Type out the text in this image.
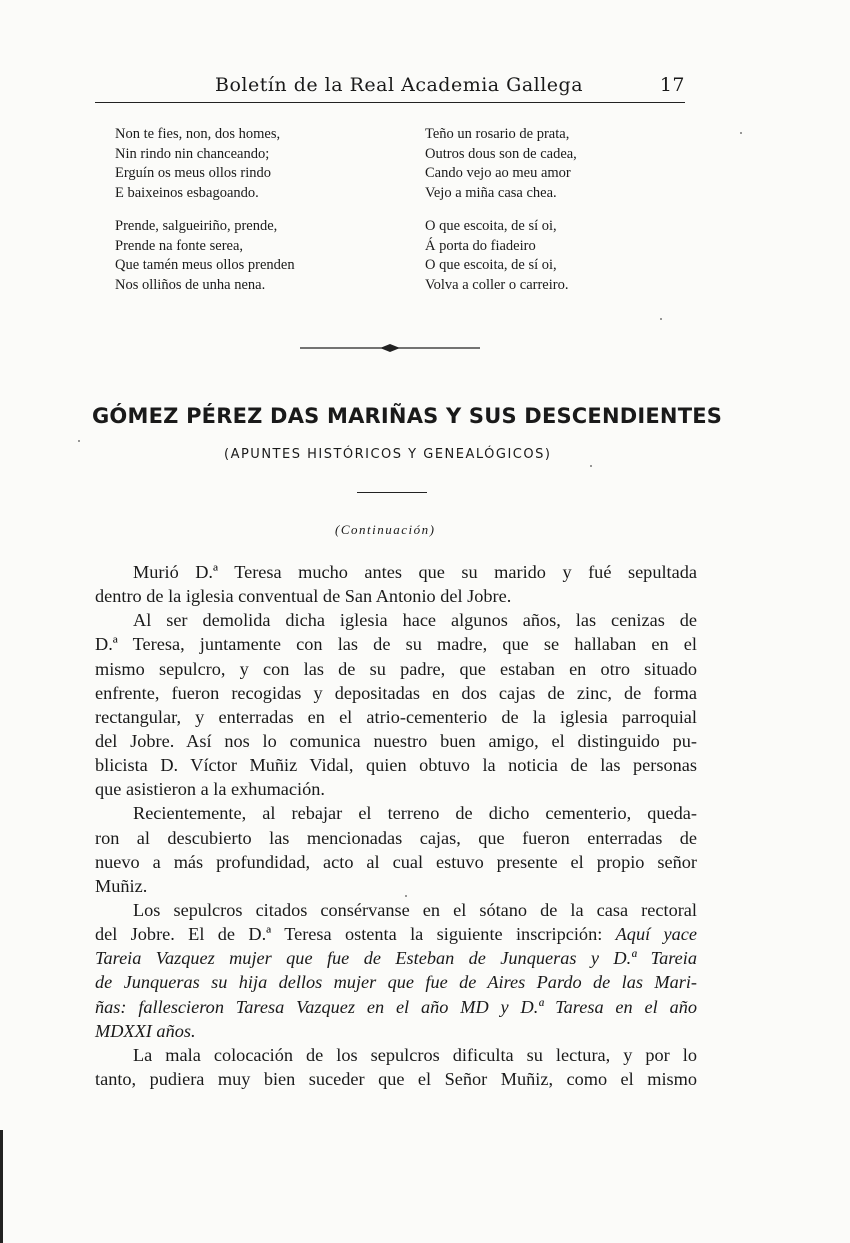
Boletín de la Real Academia Gallega	17
Non te fies, non, dos homes,
Nin rindo nin chanceando;
Erguín os meus ollos rindo
E baixeinos esbagoando.
Prende, salgueiriño, prende,
Prende na fonte serea,
Que tamén meus ollos prenden
Nos olliños de unha nena.
Teño un rosario de prata,
Outros dous son de cadea,
Cando vejo ao meu amor
Vejo a miña casa chea.
O que escoita, de sí oi,
Á porta do fiadeiro
O que escoita, de sí oi,
Volva a coller o carreiro.
GÓMEZ PÉREZ DAS MARIÑAS Y SUS DESCENDIENTES
(APUNTES HISTÓRICOS Y GENEALÓGICOS)
(Continuación)
Murió D.ª Teresa mucho antes que su marido y fué sepultada
dentro de la iglesia conventual de San Antonio del Jobre.
Al ser demolida dicha iglesia hace algunos años, las cenizas de
D.ª Teresa, juntamente con las de su madre, que se hallaban en el
mismo sepulcro, y con las de su padre, que estaban en otro situado
enfrente, fueron recogidas y depositadas en dos cajas de zinc, de forma
rectangular, y enterradas en el atrio-cementerio de la iglesia parroquial
del Jobre. Así nos lo comunica nuestro buen amigo, el distinguido pu-
blicista D. Víctor Muñiz Vidal, quien obtuvo la noticia de las personas
que asistieron a la exhumación.
Recientemente, al rebajar el terreno de dicho cementerio, queda-
ron al descubierto las mencionadas cajas, que fueron enterradas de
nuevo a más profundidad, acto al cual estuvo presente el propio señor
Muñiz.
Los sepulcros citados consérvanse en el sótano de la casa rectoral
del Jobre. El de D.ª Teresa ostenta la siguiente inscripción: Aquí yace
Tareia Vazquez mujer que fue de Esteban de Junqueras y D.ª Tareia
de Junqueras su hija dellos mujer que fue de Aires Pardo de las Mari-
ñas: fallescieron Taresa Vazquez en el año MD y D.ª Taresa en el año
MDXXI años.
La mala colocación de los sepulcros dificulta su lectura, y por lo
tanto, pudiera muy bien suceder que el Señor Muñiz, como el mismo
